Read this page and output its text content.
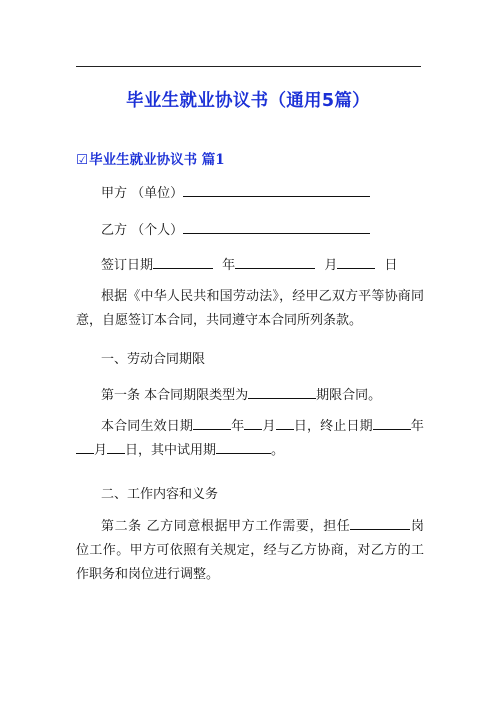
毕业生就业协议书（通用5篇）
☑毕业生就业协议书 篇1
甲方 （单位）
乙方 （个人）
签订日期	年	月	日
根据《中华人民共和国劳动法》，经甲乙双方平等协商同意，自愿签订本合同，共同遵守本合同所列条款。
一、劳动合同期限
第一条 本合同期限类型为	期限合同。
本合同生效日期	年 月 日，终止日期	年月 日，其中试用期	。
二、工作内容和义务
第二条 乙方同意根据甲方工作需要，担任	岗位工作。甲方可依照有关规定，经与乙方协商，对乙方的工作职务和岗位进行调整。
